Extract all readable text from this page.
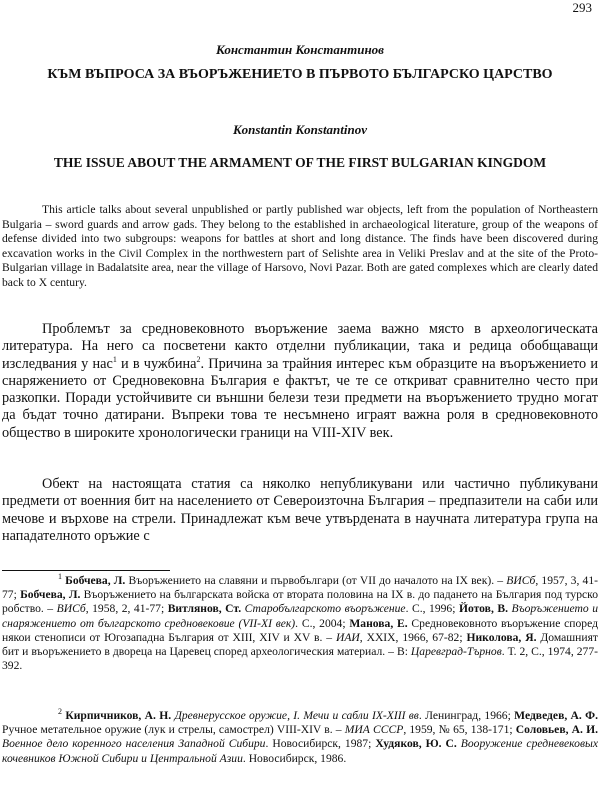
293
Константин Константинов
КЪМ ВЪПРОСА ЗА ВЪОРЪЖЕНИЕТО В ПЪРВОТО БЪЛГАРСКО ЦАРСТВО
Konstantin Konstantinov
THE ISSUE ABOUT THE ARMAMENT OF THE FIRST BULGARIAN KINGDOM

This article talks about several unpublished or partly published war objects, left from the population of Northeastern Bulgaria – sword guards and arrow gads. They belong to the established in archaeological literature, group of the weapons of defense divided into two subgroups: weapons for battles at short and long distance. The finds have been discovered during excavation works in the Civil Complex in the northwestern part of Selishte area in Veliki Preslav and at the site of the Proto-Bulgarian village in Badalatsite area, near the village of Harsovo, Novi Pazar. Both are gated complexes which are clearly dated back to X century.

Проблемът за средновековното въоръжение заема важно място в археологическата литература. На него са посветени както отделни публикации, така и редица обобщаващи изследвания у нас$^1$ и в чужбина$^2$. Причина за трайния интерес към образците на въоръжението и снаряжението от Средновековна България е фактът, че те се откриват сравнително често при разкопки. Поради устойчивите си външни белези тези предмети на въоръжението трудно могат да бъдат точно датирани. Въпреки това те несъмнено играят важна роля в средновековното общество в широките хронологически граници на VIII-XIV век.

Обект на настоящата статия са няколко непубликувани или частично публикувани предмети от военния бит на населението от Североизточна България – предпазители на саби или мечове и върхове на стрели. Принадлежат към вече утвърдената в научната литература група на нападателното оръжие с

$^1$ Бобчева, Л. Въоръжението на славяни и първобългари (от VII до началото на IX век). – ВИСб, 1957, 3, 41-77; Бобчева, Л. Въоръжението на българската войска от втората половина на IX в. до падането на България под турско робство. – ВИСб, 1958, 2, 41-77; Витлянов, Ст. Старобългарското въоръжение. С., 1996; Йотов, В. Въоръжението и снаряжението от българското средновековие (VII-XI век). С., 2004; Манова, Е. Средновековното въоръжение според някои стенописи от Югозападна България от XIII, XIV и XV в. – ИАИ, XXIX, 1966, 67-82; Николова, Я. Домашният бит и въоръжението в двореца на Царевец според археологическия материал. – В: Царевград-Търнов. Т. 2, С., 1974, 277-392.

$^2$ Кирпичников, А. Н. Древнерусское оружие, I. Мечи и сабли IX-XIII вв. Ленинград, 1966; Медведев, А. Ф. Ручное метательное оружие (лук и стрелы, самострел) VIII-XIV в. – МИА СССР, 1959, № 65, 138-171; Соловьев, А. И. Военное дело коренного населения Западной Сибири. Новосибирск, 1987; Худяков, Ю. С. Вооружение средневековых кочевников Южной Сибири и Центральной Азии. Новосибирск, 1986.
